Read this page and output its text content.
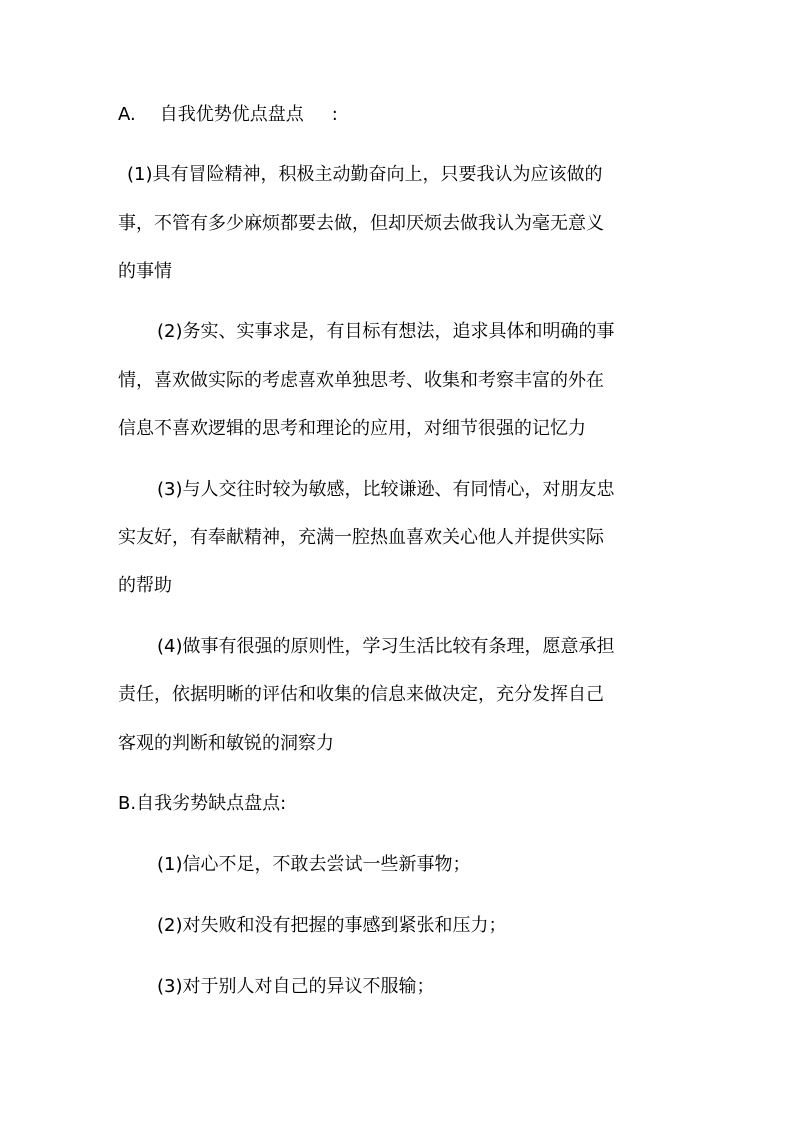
A. 自我优势优点盘点 :
(1)具有冒险精神，积极主动勤奋向上，只要我认为应该做的
事，不管有多少麻烦都要去做，但却厌烦去做我认为毫无意义
的事情
(2)务实、实事求是，有目标有想法，追求具体和明确的事
情，喜欢做实际的考虑喜欢单独思考、收集和考察丰富的外在
信息不喜欢逻辑的思考和理论的应用，对细节很强的记忆力
(3)与人交往时较为敏感，比较谦逊、有同情心，对朋友忠
实友好，有奉献精神，充满一腔热血喜欢关心他人并提供实际
的帮助
(4)做事有很强的原则性，学习生活比较有条理，愿意承担
责任，依据明晰的评估和收集的信息来做决定，充分发挥自己
客观的判断和敏锐的洞察力
B.自我劣势缺点盘点:
(1)信心不足，不敢去尝试一些新事物；
(2)对失败和没有把握的事感到紧张和压力；
(3)对于别人对自己的异议不服输；
